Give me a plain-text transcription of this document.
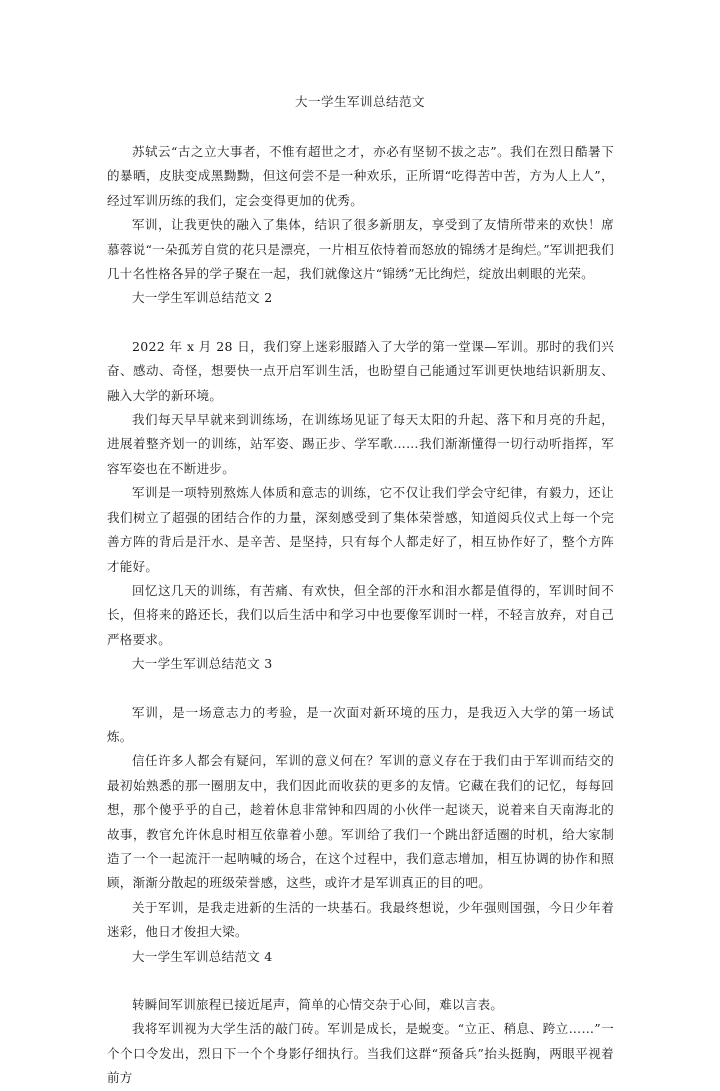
大一学生军训总结范文

苏轼云“古之立大事者，不惟有超世之才，亦必有坚韧不拔之志”。我们在烈日酷暑下的暴晒，皮肤变成黑黝黝，但这何尝不是一种欢乐，正所谓“吃得苦中苦，方为人上人”，经过军训历练的我们，定会变得更加的优秀。

军训，让我更快的融入了集体，结识了很多新朋友，享受到了友情所带来的欢快！席慕蓉说“一朵孤芳自赏的花只是漂亮，一片相互依恃着而怒放的锦绣才是绚烂。”军训把我们几十名性格各异的学子聚在一起，我们就像这片“锦绣”无比绚烂，绽放出刺眼的光荣。

大一学生军训总结范文 2

2022 年 x 月 28 日，我们穿上迷彩服踏入了大学的第一堂课—军训。那时的我们兴奋、感动、奇怪，想要快一点开启军训生活，也盼望自己能通过军训更快地结识新朋友、融入大学的新环境。

我们每天早早就来到训练场，在训练场见证了每天太阳的升起、落下和月亮的升起，进展着整齐划一的训练，站军姿、踢正步、学军歌……我们渐渐懂得一切行动听指挥，军容军姿也在不断进步。

军训是一项特别熬炼人体质和意志的训练，它不仅让我们学会守纪律，有毅力，还让我们树立了超强的团结合作的力量，深刻感受到了集体荣誉感，知道阅兵仪式上每一个完善方阵的背后是汗水、是辛苦、是坚持，只有每个人都走好了，相互协作好了，整个方阵才能好。

回忆这几天的训练，有苦痛、有欢快，但全部的汗水和泪水都是值得的，军训时间不长，但将来的路还长，我们以后生活中和学习中也要像军训时一样，不轻言放弃，对自己严格要求。

大一学生军训总结范文 3

军训，是一场意志力的考验，是一次面对新环境的压力，是我迈入大学的第一场试炼。

信任许多人都会有疑问，军训的意义何在？军训的意义存在于我们由于军训而结交的最初始熟悉的那一圈朋友中，我们因此而收获的更多的友情。它藏在我们的记忆，每每回想，那个傻乎乎的自己，趁着休息非常钟和四周的小伙伴一起谈天，说着来自天南海北的故事，教官允许休息时相互依靠着小憩。军训给了我们一个跳出舒适圈的时机，给大家制造了一个一起流汗一起呐喊的场合，在这个过程中，我们意志增加，相互协调的协作和照顾，渐渐分散起的班级荣誉感，这些，或许才是军训真正的目的吧。

关于军训，是我走进新的生活的一块基石。我最终想说，少年强则国强，今日少年着迷彩，他日才俊担大梁。

大一学生军训总结范文 4

转瞬间军训旅程已接近尾声，简单的心情交杂于心间，难以言表。

我将军训视为大学生活的敲门砖。军训是成长，是蜕变。“立正、稍息、跨立……”一个个口令发出，烈日下一个个身影仔细执行。当我们这群“预备兵”抬头挺胸，两眼平视着前方
